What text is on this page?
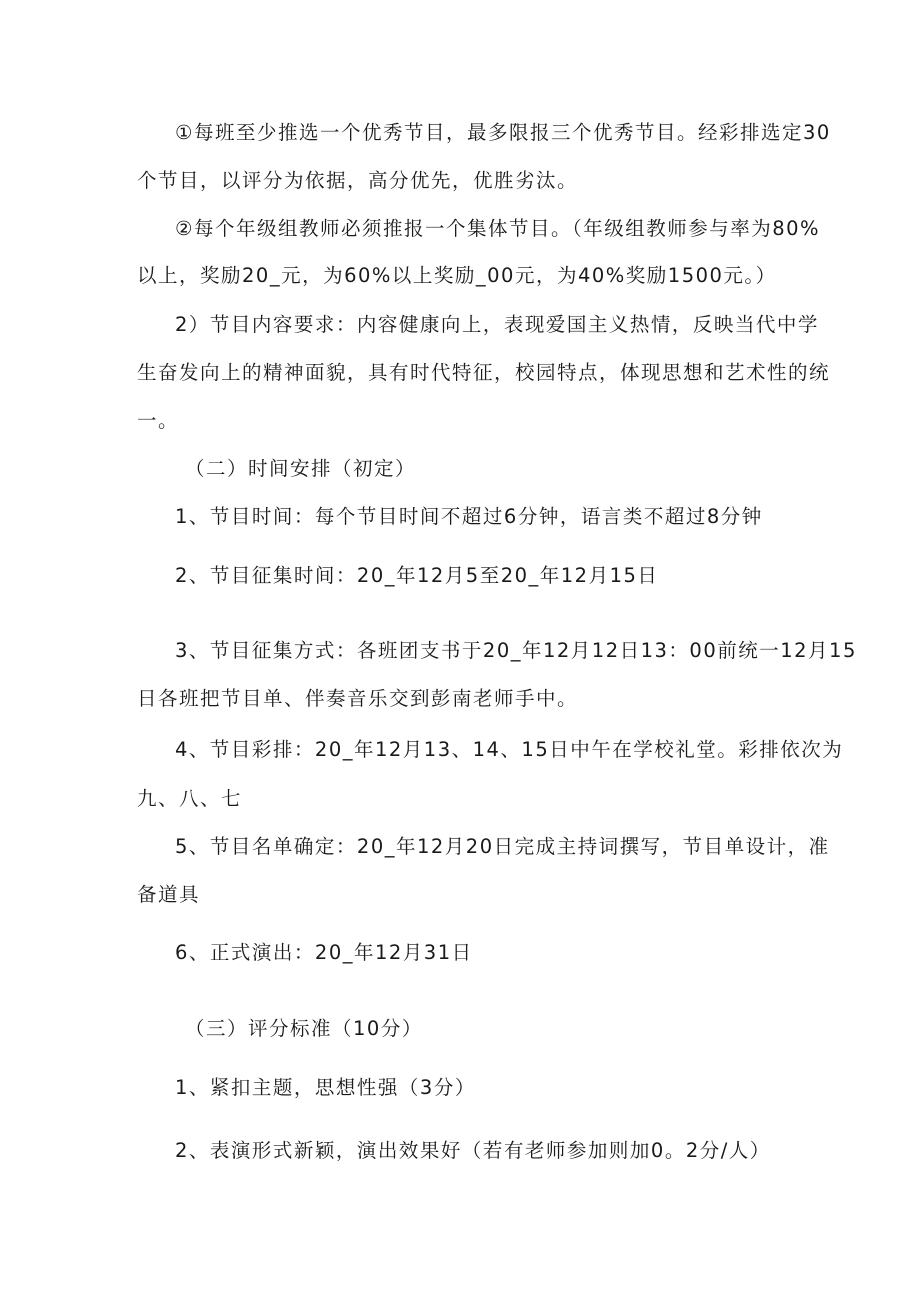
①每班至少推选一个优秀节目，最多限报三个优秀节目。经彩排选定30
个节目，以评分为依据，高分优先，优胜劣汰。
②每个年级组教师必须推报一个集体节目。（年级组教师参与率为80%
以上，奖励20_元，为60%以上奖励_00元，为40%奖励1500元。）
2）节目内容要求：内容健康向上，表现爱国主义热情，反映当代中学
生奋发向上的精神面貌，具有时代特征，校园特点，体现思想和艺术性的统
一。
（二）时间安排（初定）
1、节目时间：每个节目时间不超过6分钟，语言类不超过8分钟
2、节目征集时间：20_年12月5至20_年12月15日
3、节目征集方式：各班团支书于20_年12月12日13：00前统一12月15
日各班把节目单、伴奏音乐交到彭南老师手中。
4、节目彩排：20_年12月13、14、15日中午在学校礼堂。彩排依次为
九、八、七
5、节目名单确定：20_年12月20日完成主持词撰写，节目单设计，准
备道具
6、正式演出：20_年12月31日
（三）评分标准（10分）
1、紧扣主题，思想性强（3分）
2、表演形式新颖，演出效果好（若有老师参加则加0。2分/人）
